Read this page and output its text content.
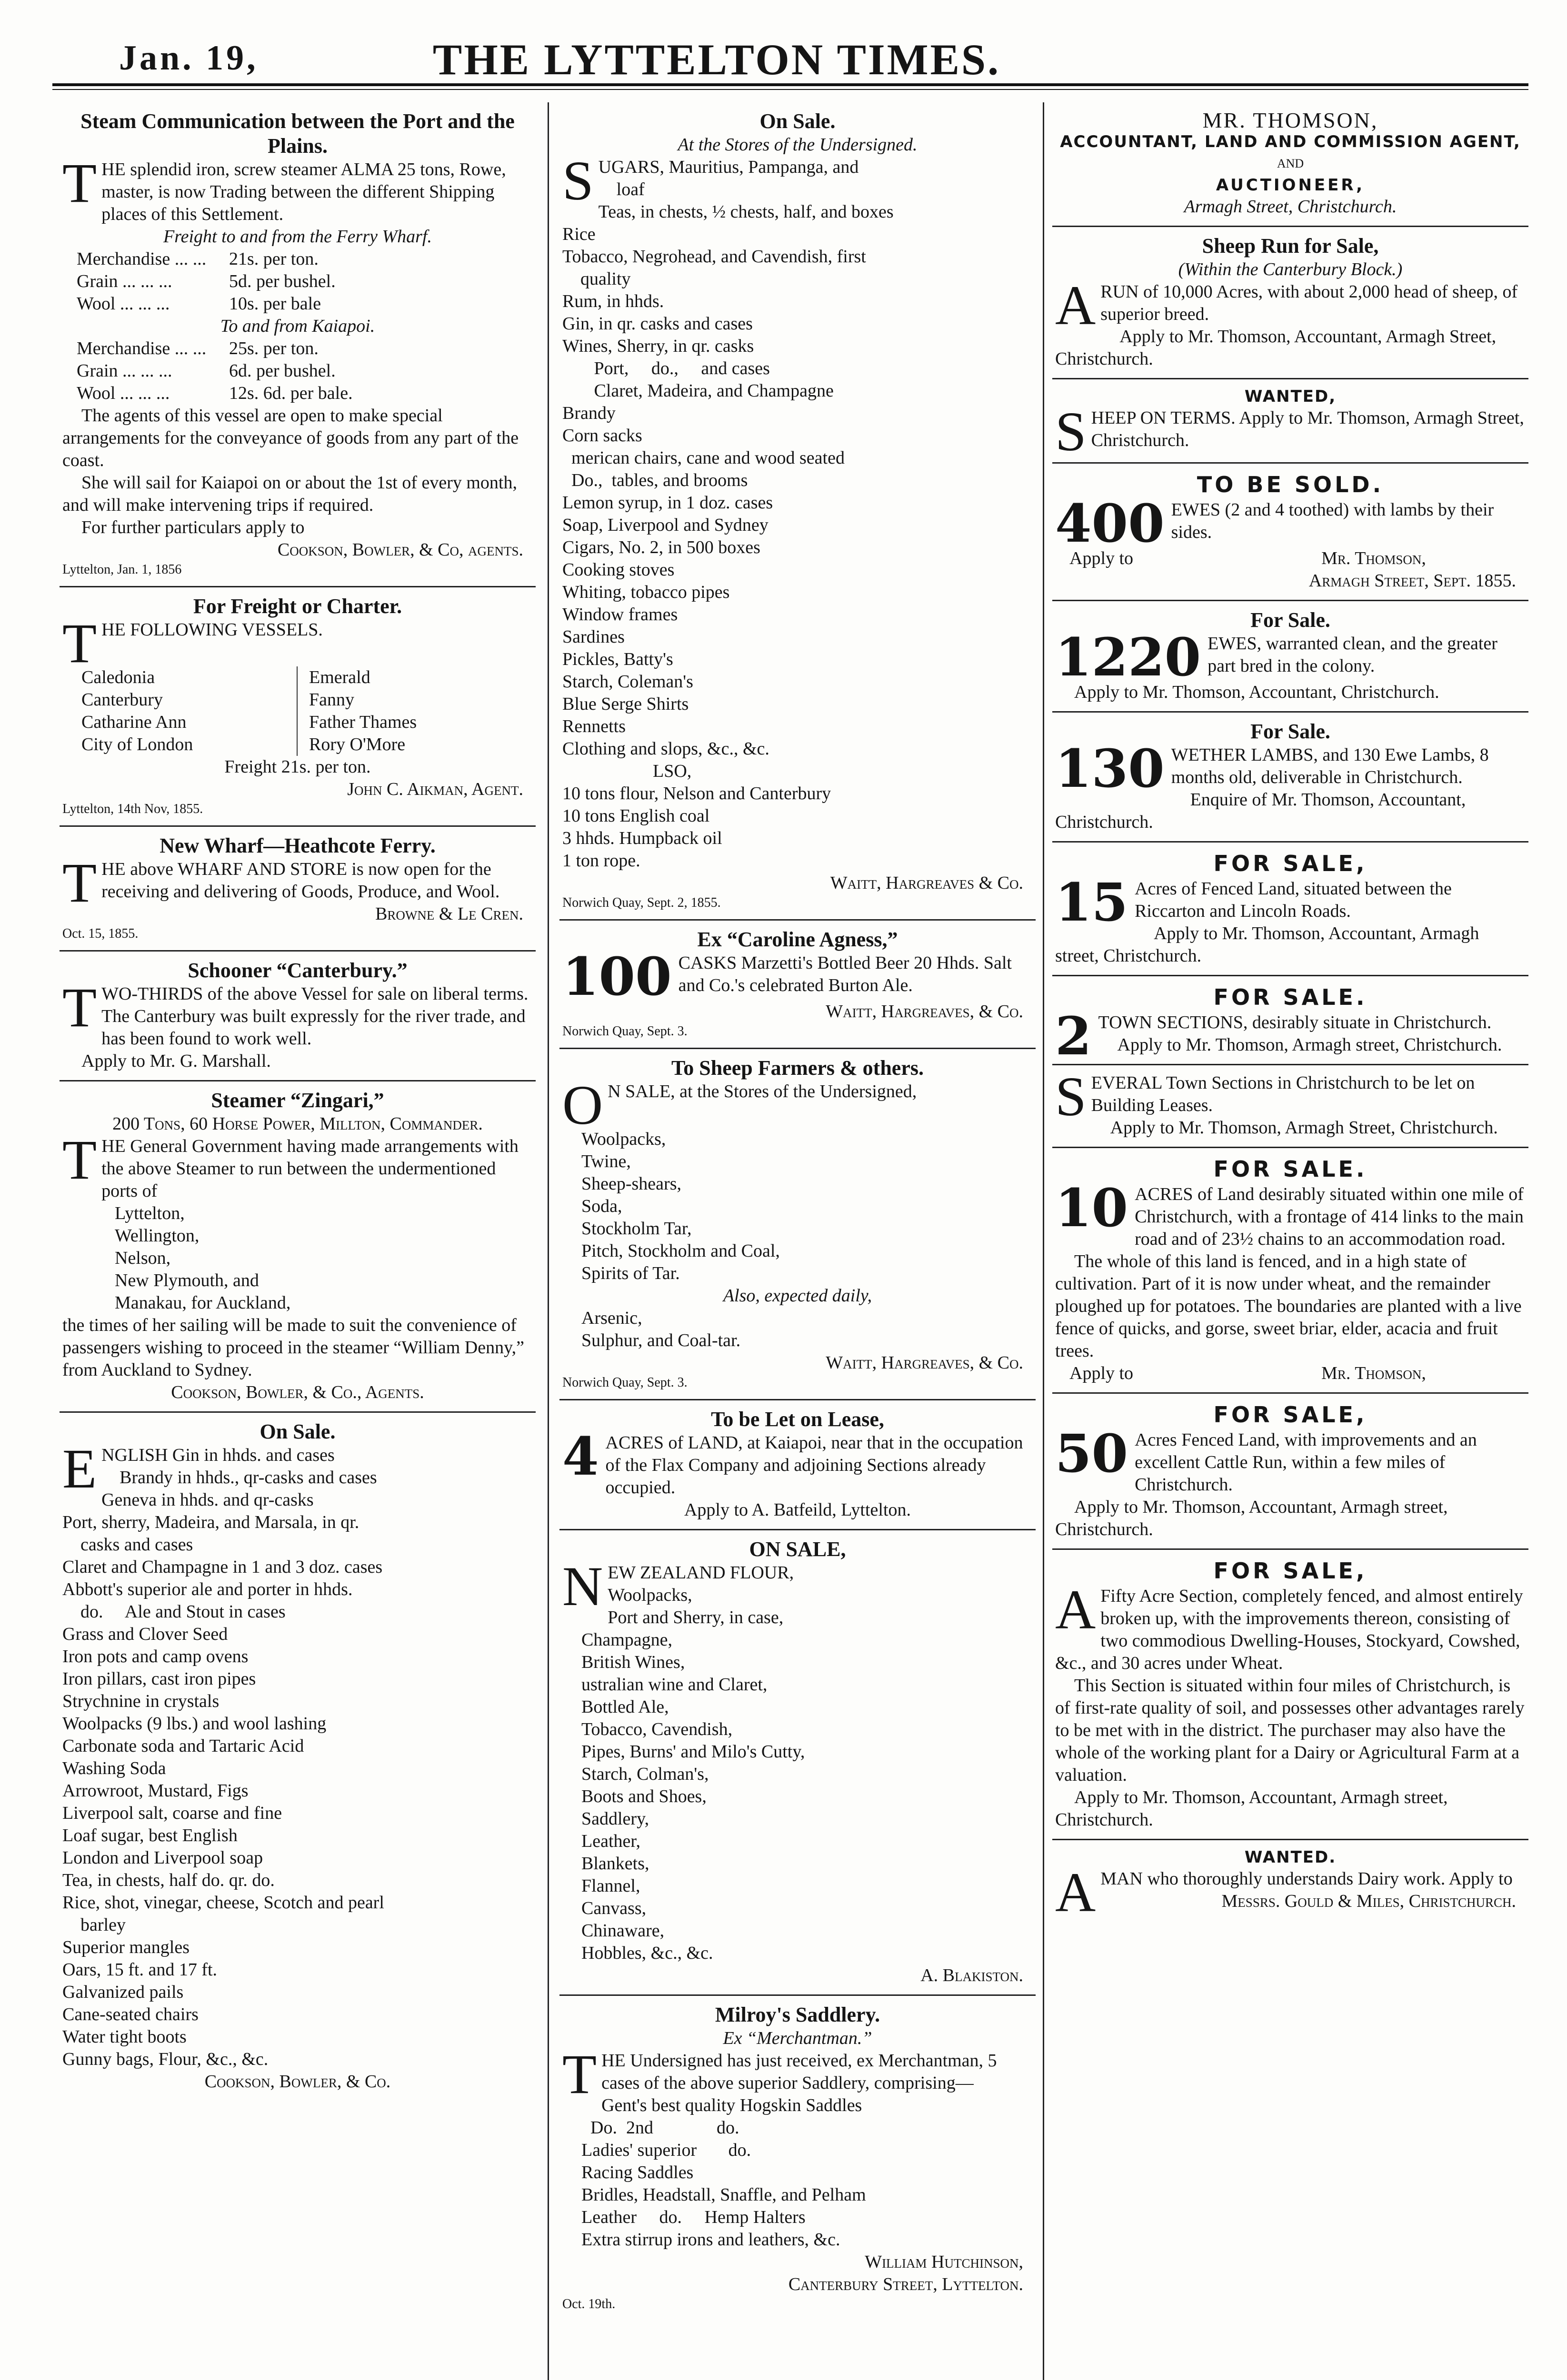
Jan. 19,	THE LYTTELTON TIMES.
Steam Communication between the Port and the Plains.

THE splendid iron, screw steamer ALMA 25 tons, Rowe, master, is now Trading between the different Shipping places of this Settlement.

Freight to and from the Ferry Wharf.
Merchandise ... ...	21s. per ton.
Grain ... ... ...	5d. per bushel.
Wool ... ... ...	10s. per bale
To and from Kaiapoi.
Merchandise ... ...	25s. per ton.
Grain ... ... ...	6d. per bushel.
Wool ... ... ...	12s. 6d. per bale.

The agents of this vessel are open to make special arrangements for the conveyance of goods from any part of the coast.

She will sail for Kaiapoi on or about the 1st of every month, and will make intervening trips if required.

For further particulars apply to

Cookson, Bowler, & Co, agents.
Lyttelton, Jan. 1, 1856
For Freight or Charter.

THE FOLLOWING VESSELS.

Caledonia	Emerald
Canterbury	Fanny
Catharine Ann	Father Thames
City of London	Rory O'More
Freight 21s. per ton.
John C. Aikman, Agent.
Lyttelton, 14th Nov, 1855.
New Wharf—Heathcote Ferry.

THE above WHARF AND STORE is now open for the receiving and delivering of Goods, Produce, and Wool.

Browne & Le Cren.
Oct. 15, 1855.
Schooner “Canterbury.”

TWO-THIRDS of the above Vessel for sale on liberal terms. The Canterbury was built expressly for the river trade, and has been found to work well.

Apply to Mr. G. Marshall.

Steamer “Zingari,”
200 Tons, 60 Horse Power, Millton, Commander.

THE General Government having made arrangements with the above Steamer to run between the undermentioned ports of

Lyttelton,
Wellington,
Nelson,
New Plymouth, and
Manakau, for Auckland,

the times of her sailing will be made to suit the convenience of passengers wishing to proceed in the steamer “William Denny,” from Auckland to Sydney.

Cookson, Bowler, & Co., Agents.
On Sale.
E NGLISH Gin in hhds. and cases
Brandy in hhds., qr-casks and cases
Geneva in hhds. and qr-casks
Port, sherry, Madeira, and Marsala, in qr.
casks and cases
Claret and Champagne in 1 and 3 doz. cases
Abbott's superior ale and porter in hhds.
do.     Ale and Stout in cases
Grass and Clover Seed
Iron pots and camp ovens
Iron pillars, cast iron pipes
Strychnine in crystals
Woolpacks (9 lbs.) and wool lashing
Carbonate soda and Tartaric Acid
Washing Soda
Arrowroot, Mustard, Figs
Liverpool salt, coarse and fine
Loaf sugar, best English
London and Liverpool soap
Tea, in chests, half do. qr. do.
Rice, shot, vinegar, cheese, Scotch and pearl
barley
Superior mangles
Oars, 15 ft. and 17 ft.
Galvanized pails
Cane-seated chairs
Water tight boots
Gunny bags, Flour, &c., &c.
Cookson, Bowler, & Co.
On Sale.
At the Stores of the Undersigned.
S UGARS, Mauritius, Pampanga, and
loaf
Teas, in chests, ½ chests, half, and boxes
Rice
Tobacco, Negrohead, and Cavendish, first
quality
Rum, in hhds.
Gin, in qr. casks and cases
Wines, Sherry, in qr. casks
Port,     do.,     and cases
Claret, Madeira, and Champagne
Brandy
Corn sacks
merican chairs, cane and wood seated
Do.,  tables, and brooms
Lemon syrup, in 1 doz. cases
Soap, Liverpool and Sydney
Cigars, No. 2, in 500 boxes
Cooking stoves
Whiting, tobacco pipes
Window frames
Sardines
Pickles, Batty's
Starch, Coleman's
Blue Serge Shirts
Rennetts
Clothing and slops, &c., &c.
LSO,
10 tons flour, Nelson and Canterbury
10 tons English coal
3 hhds. Humpback oil
1 ton rope.
Waitt, Hargreaves & Co.
Norwich Quay, Sept. 2, 1855.
Ex “Caroline Agness,”

100 CASKS Marzetti's Bottled Beer 20 Hhds. Salt and Co.'s celebrated Burton Ale.

Waitt, Hargreaves, & Co.
Norwich Quay, Sept. 3.
To Sheep Farmers & others.

O N SALE, at the Stores of the Undersigned,

Woolpacks,
Twine,
Sheep-shears,
Soda,
Stockholm Tar,
Pitch, Stockholm and Coal,
Spirits of Tar.
Also, expected daily,
Arsenic,
Sulphur, and Coal-tar.
Waitt, Hargreaves, & Co.
Norwich Quay, Sept. 3.
To be Let on Lease,

4 ACRES of LAND, at Kaiapoi, near that in the occupation of the Flax Company and adjoining Sections already occupied.

Apply to A. Batfeild, Lyttelton.
ON SALE,

NEW ZEALAND FLOUR,

Woolpacks,
Port and Sherry, in case,
Champagne,
British Wines,
ustralian wine and Claret,
Bottled Ale,
Tobacco, Cavendish,
Pipes, Burns' and Milo's Cutty,
Starch, Colman's,
Boots and Shoes,
Saddlery,
Leather,
Blankets,
Flannel,
Canvass,
Chinaware,
Hobbles, &c., &c.
A. Blakiston.
Milroy's Saddlery.
Ex “Merchantman.”

THE Undersigned has just received, ex Merchantman, 5 cases of the above superior Saddlery, comprising—

Gent's best quality Hogskin Saddles
Do.  2nd              do.
Ladies' superior       do.
Racing Saddles
Bridles, Headstall, Snaffle, and Pelham
Leather     do.     Hemp Halters
Extra stirrup irons and leathers, &c.
William Hutchinson,
Canterbury Street, Lyttelton.
Oct. 19th.
MR. THOMSON,
ACCOUNTANT, LAND AND COMMISSION AGENT,
AND
AUCTIONEER,
Armagh Street, Christchurch.
Sheep Run for Sale,
(Within the Canterbury Block.)

ARUN of 10,000 Acres, with about 2,000 head of sheep, of superior breed.

Apply to Mr. Thomson, Accountant, Armagh Street, Christchurch.

WANTED,

SHEEP ON TERMS. Apply to Mr. Thomson, Armagh Street, Christchurch.

TO BE SOLD.

400 EWES (2 and 4 toothed) with lambs by their sides.

Apply to	Mr. Thomson,
Armagh Street, Sept. 1855.
For Sale.

1220 EWES, warranted clean, and the greater part bred in the colony.

Apply to Mr. Thomson, Accountant, Christchurch.

For Sale.

130 WETHER LAMBS, and 130 Ewe Lambs, 8 months old, deliverable in Christchurch.

Enquire of Mr. Thomson, Accountant, Christchurch.

FOR SALE,

15 Acres of Fenced Land, situated between the Riccarton and Lincoln Roads.

Apply to Mr. Thomson, Accountant, Armagh street, Christchurch.

FOR SALE.

2 TOWN SECTIONS, desirably situate in Christchurch.

Apply to Mr. Thomson, Armagh street, Christchurch.

SEVERAL Town Sections in Christchurch to be let on Building Leases.

Apply to Mr. Thomson, Armagh Street, Christchurch.

FOR SALE.

10 ACRES of Land desirably situated within one mile of Christchurch, with a frontage of 414 links to the main road and of 23½ chains to an accommodation road.

The whole of this land is fenced, and in a high state of cultivation. Part of it is now under wheat, and the remainder ploughed up for potatoes. The boundaries are planted with a live fence of quicks, and gorse, sweet briar, elder, acacia and fruit trees.

Apply to	Mr. Thomson,
FOR SALE,

50 Acres Fenced Land, with improvements and an excellent Cattle Run, within a few miles of Christchurch.

Apply to Mr. Thomson, Accountant, Armagh street, Christchurch.

FOR SALE,

A Fifty Acre Section, completely fenced, and almost entirely broken up, with the improvements thereon, consisting of two commodious Dwelling-Houses, Stockyard, Cowshed, &c., and 30 acres under Wheat.

This Section is situated within four miles of Christchurch, is of first-rate quality of soil, and possesses other advantages rarely to be met with in the district. The purchaser may also have the whole of the working plant for a Dairy or Agricultural Farm at a valuation.

Apply to Mr. Thomson, Accountant, Armagh street, Christchurch.

WANTED.

AMAN who thoroughly understands Dairy work. Apply to

Messrs. Gould & Miles, Christchurch.
